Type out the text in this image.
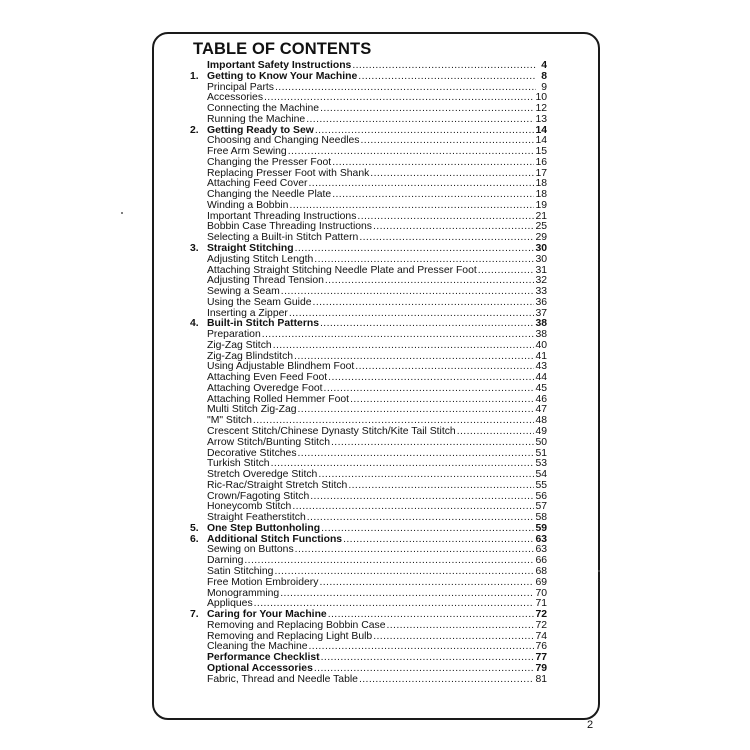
TABLE OF CONTENTS
Important Safety Instructions .....	4
1. Getting to Know Your Machine .....	8
Principal Parts .....	9
Accessories .....	10
Connecting the Machine .....	12
Running the Machine .....	13
2. Getting Ready to Sew .....	14
Choosing and Changing Needles .....	14
Free Arm Sewing .....	15
Changing the Presser Foot .....	16
Replacing Presser Foot with Shank .....	17
Attaching Feed Cover .....	18
Changing the Needle Plate .....	18
Winding a Bobbin .....	19
Important Threading Instructions .....	21
Bobbin Case Threading Instructions .....	25
Selecting a Built-in Stitch Pattern .....	29
3. Straight Stitching .....	30
Adjusting Stitch Length .....	30
Attaching Straight Stitching Needle Plate and Presser Foot .....	31
Adjusting Thread Tension .....	32
Sewing a Seam .....	33
Using the Seam Guide .....	36
Inserting a Zipper .....	37
4. Built-in Stitch Patterns .....	38
Preparation .....	38
Zig-Zag Stitch .....	40
Zig-Zag Blindstitch .....	41
Using Adjustable Blindhem Foot .....	43
Attaching Even Feed Foot .....	44
Attaching Overedge Foot .....	45
Attaching Rolled Hemmer Foot .....	46
Multi Stitch Zig-Zag .....	47
"M" Stitch .....	48
Crescent Stitch/Chinese Dynasty Stitch/Kite Tail Stitch .....	49
Arrow Stitch/Bunting Stitch .....	50
Decorative Stitches .....	51
Turkish Stitch .....	53
Stretch Overedge Stitch .....	54
Ric-Rac/Straight Stretch Stitch .....	55
Crown/Fagoting Stitch .....	56
Honeycomb Stitch .....	57
Straight Featherstitch .....	58
5. One Step Buttonholing .....	59
6. Additional Stitch Functions .....	63
Sewing on Buttons .....	63
Darning .....	66
Satin Stitching .....	68
Free Motion Embroidery .....	69
Monogramming .....	70
Appliques .....	71
7. Caring for Your Machine .....	72
Removing and Replacing Bobbin Case .....	72
Removing and Replacing Light Bulb .....	74
Cleaning the Machine .....	76
Performance Checklist .....	77
Optional Accessories .....	79
Fabric, Thread and Needle Table .....	81

2
